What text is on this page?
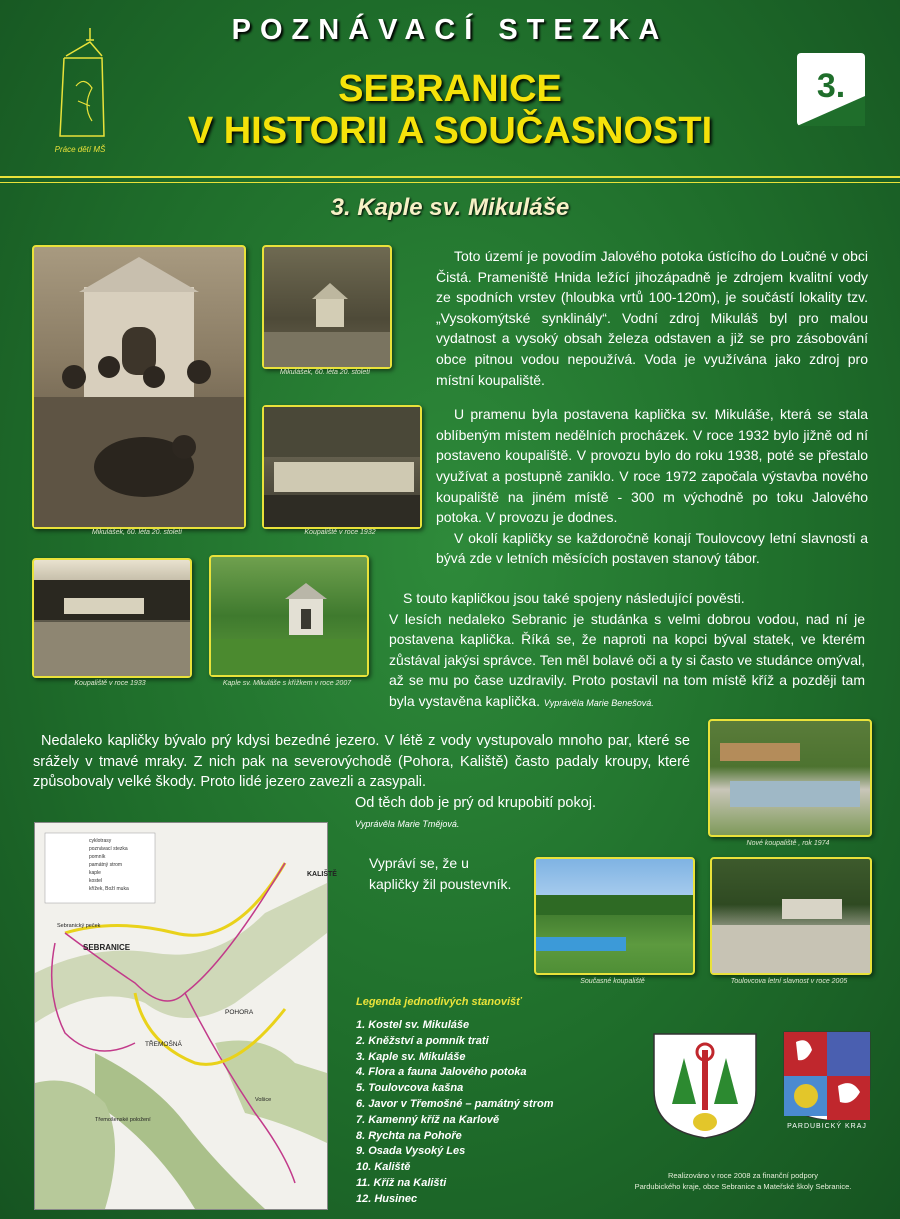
Práce dětí MŠ
POZNÁVACÍ STEZKA
SEBRANICE
V HISTORII A SOUČASNOSTI
3.
3. Kaple sv. Mikuláše
Mikulášek, 60. léta 20. století
Mikulášek, 60. léta 20. století
Koupaliště v roce 1932
Koupaliště v roce 1933	Kaple sv. Mikuláše s křížkem v roce 2007
Nové koupaliště , rok 1974
Současné koupaliště	Toulovcova letní slavnost v roce 2005

Toto území je povodím Jalového potoka ústícího do Loučné v obci Čistá. Prameniště Hnida ležící jihozápadně je zdrojem kvalitní vody ze spodních vrstev (hloubka vrtů 100-120m), je součástí lokality tzv. „Vysokomýtské synklinály“. Vodní zdroj Mikuláš byl pro malou vydatnost a vysoký obsah železa odstaven a již se pro zásobování obce pitnou vodou nepoužívá. Voda je využívána jako zdroj pro místní koupaliště.

U pramenu byla postavena kaplička sv. Mikuláše, která se stala oblíbeným místem nedělních procházek. V roce 1932 bylo jižně od ní postaveno koupaliště. V provozu bylo do roku 1938, poté se přestalo využívat a postupně zaniklo. V roce 1972 započala výstavba nového koupaliště na jiném místě - 300 m východně po toku Jalového potoka. V provozu je dodnes.

V okolí kapličky se každoročně konají Toulovcovy letní slavnosti a bývá zde v letních měsících postaven stanový tábor.

S touto kapličkou jsou také spojeny následující pověsti.

V lesích nedaleko Sebranic je studánka s velmi dobrou vodou, nad ní je postavena kaplička. Říká se, že naproti na kopci býval statek, ve kterém zůstával jakýsi správce. Ten měl bolavé oči a ty si často ve studánce omýval, až se mu po čase uzdravily. Proto postavil na tom místě kříž a později tam byla vystavěna kaplička. Vyprávěla Marie Benešová.

Nedaleko kapličky bývalo prý kdysi bezedné jezero. V létě z vody vystupovalo mnoho par, které se srážely v tmavé mraky. Z nich pak na severovýchodě (Pohora, Kaliště) často padaly kroupy, které způsobovaly velké škody. Proto lidé jezero zavezli a zasypali.

Od těch dob je prý od krupobití pokoj.

Vyprávěla Marie Tmějová.

Vypráví se, že u kapličky žil poustevník.
cyklotrasy
poznávací stezka
pomník
památný strom
kaple
kostel
křížek, Boží muka
KALIŠTĚ
Sebranický peček
SEBRANICE
POHORA
TŘEMOŠNÁ
Vošice
Třemošenské položení
Legenda jednotlivých stanovišť
1. Kostel sv. Mikuláše
2. Kněžství a pomník trati
3. Kaple sv. Mikuláše
4. Flora a fauna Jalového potoka
5. Toulovcova kašna
6. Javor v Třemošné – památný strom
7. Kamenný kříž na Karlově
8. Rychta na Pohoře
9. Osada Vysoký Les
10. Kaliště
11. Kříž na Kališti
12. Husinec
PARDUBICKÝ KRAJ
Realizováno v roce 2008 za finanční podpory
Pardubického kraje, obce Sebranice a Mateřské školy Sebranice.
